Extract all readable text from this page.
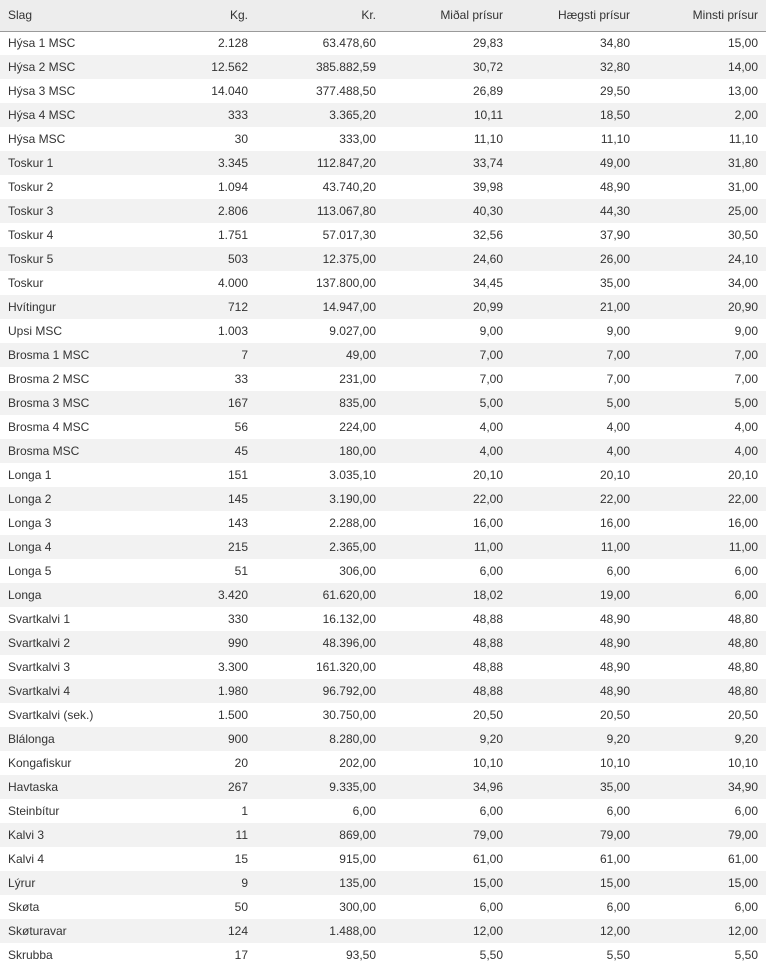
Slag	Kg.	Kr.	Miðal prísur	Hægsti prísur	Minsti prísur
Hýsa 1 MSC	2.128	63.478,60	29,83	34,80	15,00
Hýsa 2 MSC	12.562	385.882,59	30,72	32,80	14,00
Hýsa 3 MSC	14.040	377.488,50	26,89	29,50	13,00
Hýsa 4 MSC	333	3.365,20	10,11	18,50	2,00
Hýsa MSC	30	333,00	11,10	11,10	11,10
Toskur 1	3.345	112.847,20	33,74	49,00	31,80
Toskur 2	1.094	43.740,20	39,98	48,90	31,00
Toskur 3	2.806	113.067,80	40,30	44,30	25,00
Toskur 4	1.751	57.017,30	32,56	37,90	30,50
Toskur 5	503	12.375,00	24,60	26,00	24,10
Toskur	4.000	137.800,00	34,45	35,00	34,00
Hvítingur	712	14.947,00	20,99	21,00	20,90
Upsi MSC	1.003	9.027,00	9,00	9,00	9,00
Brosma 1 MSC	7	49,00	7,00	7,00	7,00
Brosma 2 MSC	33	231,00	7,00	7,00	7,00
Brosma 3 MSC	167	835,00	5,00	5,00	5,00
Brosma 4 MSC	56	224,00	4,00	4,00	4,00
Brosma MSC	45	180,00	4,00	4,00	4,00
Longa 1	151	3.035,10	20,10	20,10	20,10
Longa 2	145	3.190,00	22,00	22,00	22,00
Longa 3	143	2.288,00	16,00	16,00	16,00
Longa 4	215	2.365,00	11,00	11,00	11,00
Longa 5	51	306,00	6,00	6,00	6,00
Longa	3.420	61.620,00	18,02	19,00	6,00
Svartkalvi 1	330	16.132,00	48,88	48,90	48,80
Svartkalvi 2	990	48.396,00	48,88	48,90	48,80
Svartkalvi 3	3.300	161.320,00	48,88	48,90	48,80
Svartkalvi 4	1.980	96.792,00	48,88	48,90	48,80
Svartkalvi (sek.)	1.500	30.750,00	20,50	20,50	20,50
Blálonga	900	8.280,00	9,20	9,20	9,20
Kongafiskur	20	202,00	10,10	10,10	10,10
Havtaska	267	9.335,00	34,96	35,00	34,90
Steinbítur	1	6,00	6,00	6,00	6,00
Kalvi 3	11	869,00	79,00	79,00	79,00
Kalvi 4	15	915,00	61,00	61,00	61,00
Lýrur	9	135,00	15,00	15,00	15,00
Skøta	50	300,00	6,00	6,00	6,00
Skøturavar	124	1.488,00	12,00	12,00	12,00
Skrubba	17	93,50	5,50	5,50	5,50
